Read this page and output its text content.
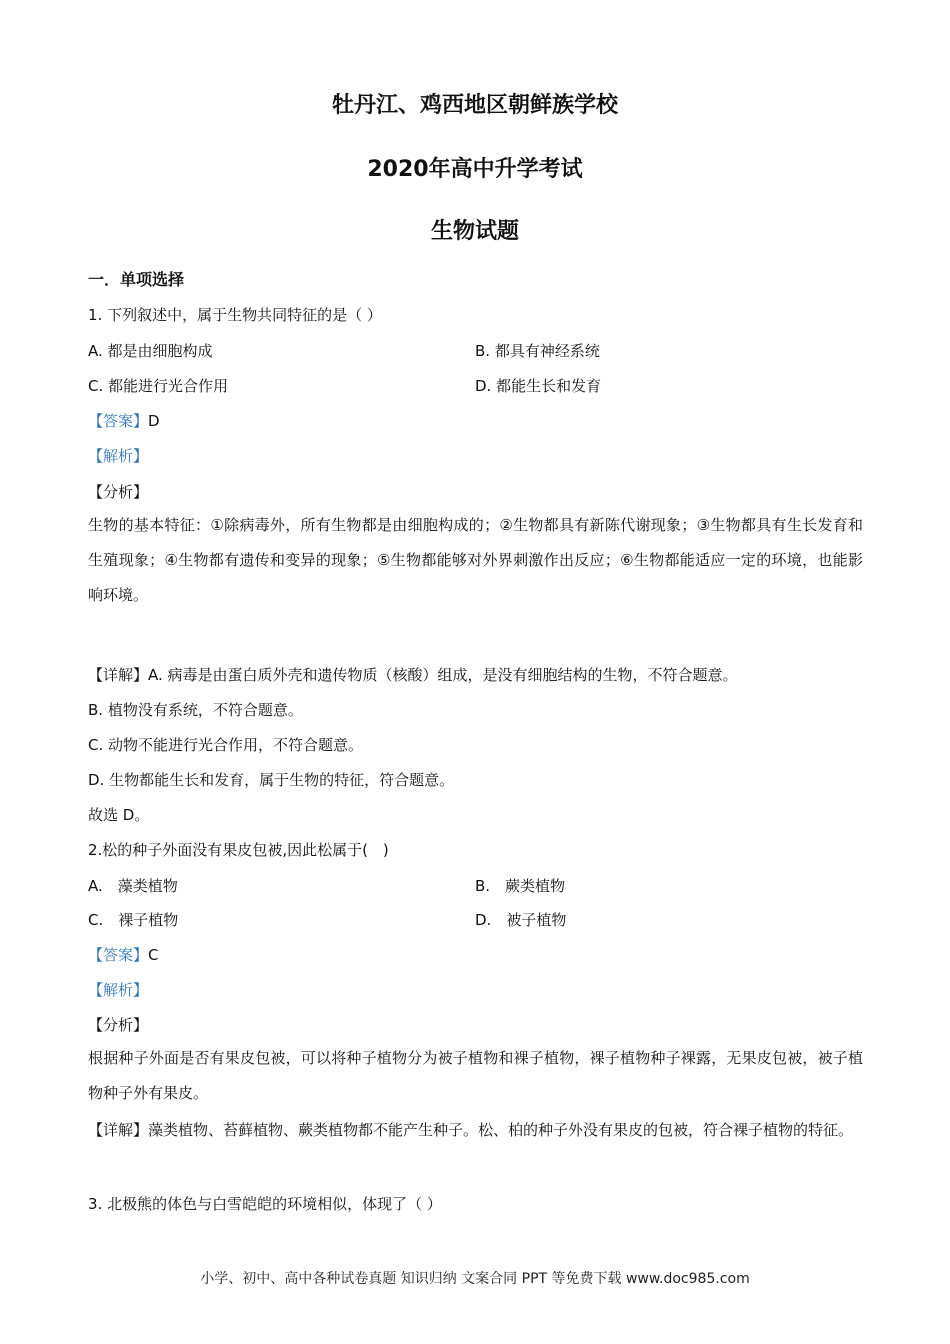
牡丹江、鸡西地区朝鲜族学校
2020年高中升学考试
生物试题
一．单项选择
1. 下列叙述中，属于生物共同特征的是（ ）
A. 都是由细胞构成	B. 都具有神经系统
C. 都能进行光合作用	D. 都能生长和发育
【答案】D
【解析】
【分析】
生物的基本特征：①除病毒外，所有生物都是由细胞构成的；②生物都具有新陈代谢现象；③生物都具有生长发育和生殖现象；④生物都有遗传和变异的现象；⑤生物都能够对外界刺激作出反应；⑥生物都能适应一定的环境，也能影响环境。
【详解】A. 病毒是由蛋白质外壳和遗传物质（核酸）组成，是没有细胞结构的生物，不符合题意。
B. 植物没有系统，不符合题意。
C. 动物不能进行光合作用，不符合题意。
D. 生物都能生长和发育，属于生物的特征，符合题意。
故选 D。
2.松的种子外面没有果皮包被,因此松属于(　)
A.　藻类植物	B.　蕨类植物
C.　裸子植物	D.　被子植物
【答案】C
【解析】
【分析】
根据种子外面是否有果皮包被，可以将种子植物分为被子植物和裸子植物，裸子植物种子裸露，无果皮包被，被子植物种子外有果皮。
【详解】藻类植物、苔藓植物、蕨类植物都不能产生种子。松、柏的种子外没有果皮的包被，符合裸子植物的特征。
3. 北极熊的体色与白雪皑皑的环境相似，体现了（ ）
小学、初中、高中各种试卷真题 知识归纳 文案合同 PPT 等免费下载 www.doc985.com
